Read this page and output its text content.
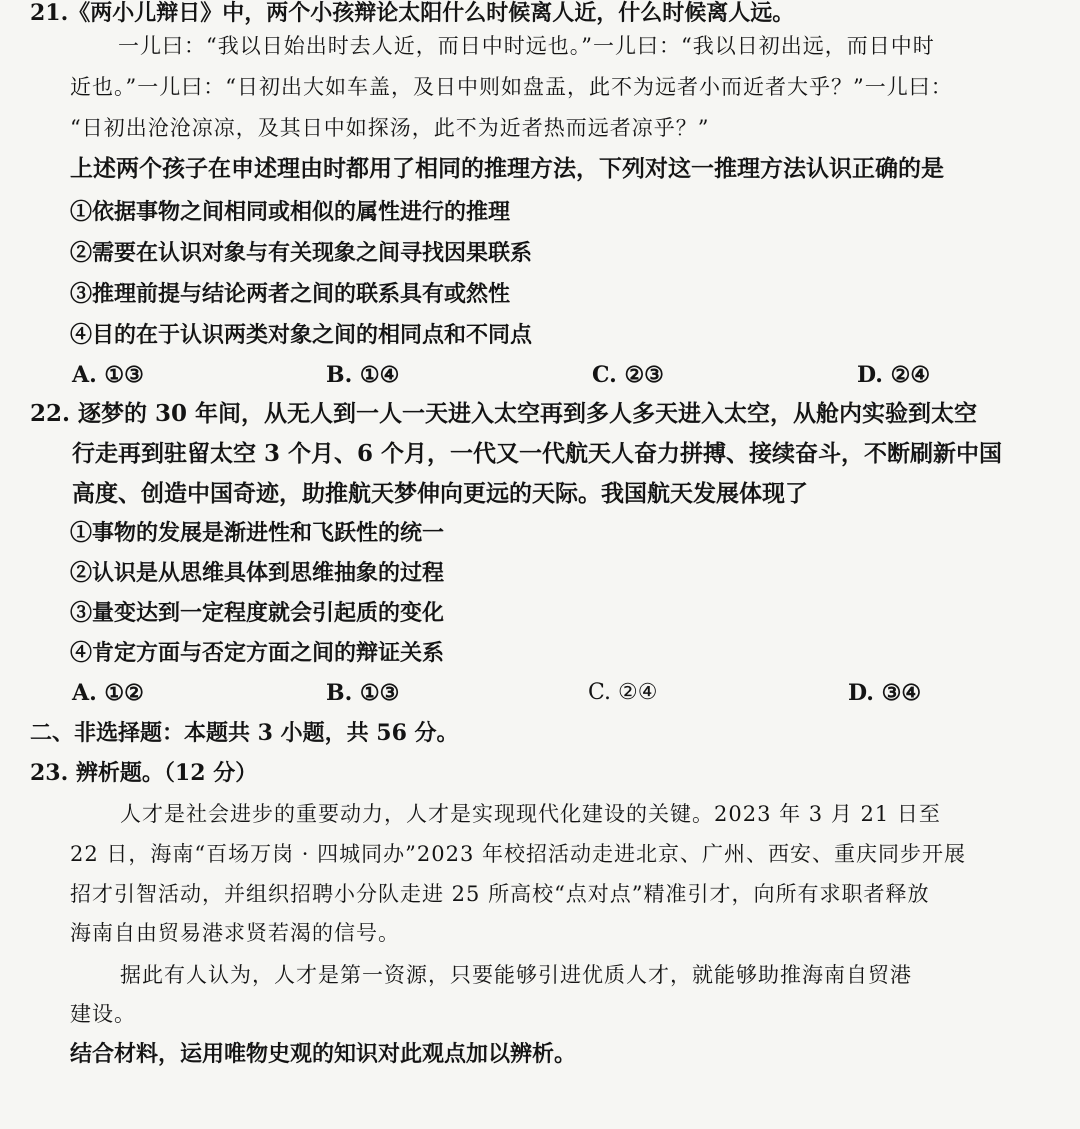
21.《两小儿辩日》中，两个小孩辩论太阳什么时候离人近，什么时候离人远。
一儿曰：“我以日始出时去人近，而日中时远也。”一儿曰：“我以日初出远，而日中时
近也。”一儿曰：“日初出大如车盖，及日中则如盘盂，此不为远者小而近者大乎？”一儿曰：
“日初出沧沧凉凉，及其日中如探汤，此不为近者热而远者凉乎？”
上述两个孩子在申述理由时都用了相同的推理方法，下列对这一推理方法认识正确的是
①依据事物之间相同或相似的属性进行的推理
②需要在认识对象与有关现象之间寻找因果联系
③推理前提与结论两者之间的联系具有或然性
④目的在于认识两类对象之间的相同点和不同点
A. ①③	B. ①④	C. ②③	D. ②④
22. 逐梦的 30 年间，从无人到一人一天进入太空再到多人多天进入太空，从舱内实验到太空
行走再到驻留太空 3 个月、6 个月，一代又一代航天人奋力拼搏、接续奋斗，不断刷新中国
高度、创造中国奇迹，助推航天梦伸向更远的天际。我国航天发展体现了
①事物的发展是渐进性和飞跃性的统一
②认识是从思维具体到思维抽象的过程
③量变达到一定程度就会引起质的变化
④肯定方面与否定方面之间的辩证关系
A. ①②	B. ①③	C. ②④	D. ③④
二、非选择题：本题共 3 小题，共 56 分。
23. 辨析题。（12 分）
人才是社会进步的重要动力，人才是实现现代化建设的关键。2023 年 3 月 21 日至
22 日，海南“百场万岗 · 四城同办”2023 年校招活动走进北京、广州、西安、重庆同步开展
招才引智活动，并组织招聘小分队走进 25 所高校“点对点”精准引才，向所有求职者释放
海南自由贸易港求贤若渴的信号。
据此有人认为，人才是第一资源，只要能够引进优质人才，就能够助推海南自贸港
建设。
结合材料，运用唯物史观的知识对此观点加以辨析。
